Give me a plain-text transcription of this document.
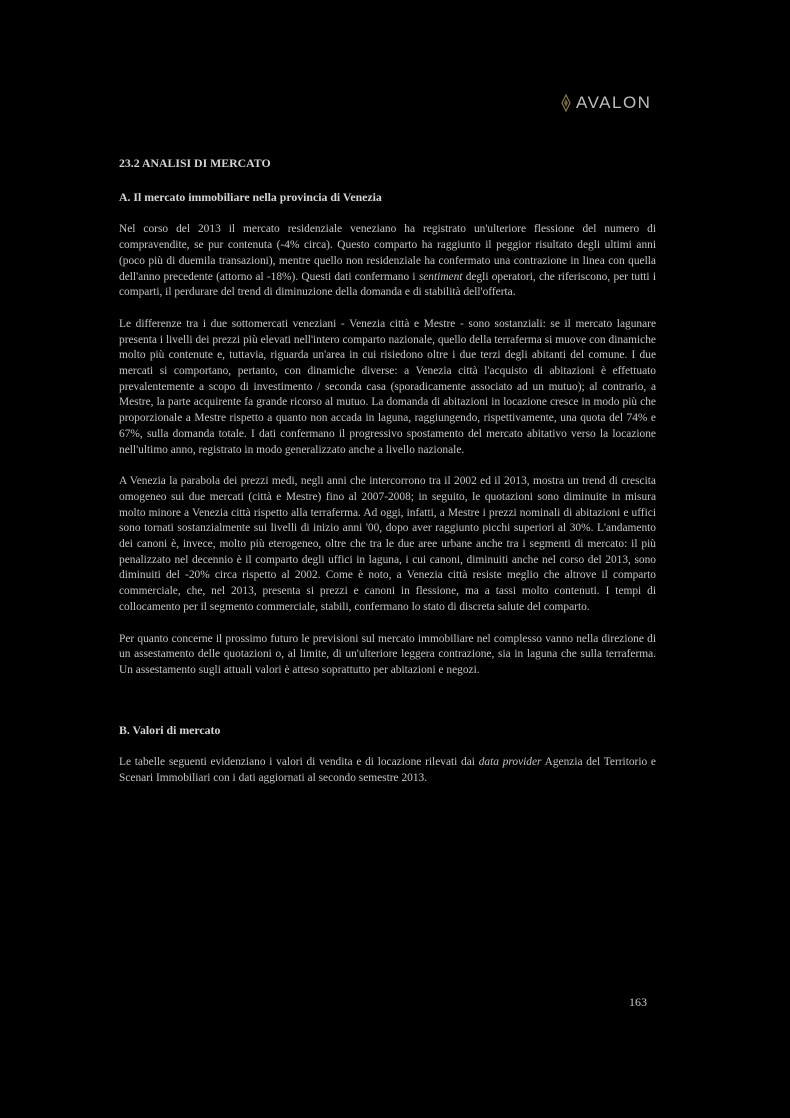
AVALON
23.2 ANALISI DI MERCATO
A. Il mercato immobiliare nella provincia di Venezia

Nel corso del 2013 il mercato residenziale veneziano ha registrato un'ulteriore flessione del numero di compravendite, se pur contenuta (-4% circa). Questo comparto ha raggiunto il peggior risultato degli ultimi anni (poco più di duemila transazioni), mentre quello non residenziale ha confermato una contrazione in linea con quella dell'anno precedente (attorno al -18%). Questi dati confermano i sentiment degli operatori, che riferiscono, per tutti i comparti, il perdurare del trend di diminuzione della domanda e di stabilità dell'offerta.

Le differenze tra i due sottomercati veneziani - Venezia città e Mestre - sono sostanziali: se il mercato lagunare presenta i livelli dei prezzi più elevati nell'intero comparto nazionale, quello della terraferma si muove con dinamiche molto più contenute e, tuttavia, riguarda un'area in cui risiedono oltre i due terzi degli abitanti del comune. I due mercati si comportano, pertanto, con dinamiche diverse: a Venezia città l'acquisto di abitazioni è effettuato prevalentemente a scopo di investimento / seconda casa (sporadicamente associato ad un mutuo); al contrario, a Mestre, la parte acquirente fa grande ricorso al mutuo. La domanda di abitazioni in locazione cresce in modo più che proporzionale a Mestre rispetto a quanto non accada in laguna, raggiungendo, rispettivamente, una quota del 74% e 67%, sulla domanda totale. I dati confermano il progressivo spostamento del mercato abitativo verso la locazione nell'ultimo anno, registrato in modo generalizzato anche a livello nazionale.

A Venezia la parabola dei prezzi medi, negli anni che intercorrono tra il 2002 ed il 2013, mostra un trend di crescita omogeneo sui due mercati (città e Mestre) fino al 2007-2008; in seguito, le quotazioni sono diminuite in misura molto minore a Venezia città rispetto alla terraferma. Ad oggi, infatti, a Mestre i prezzi nominali di abitazioni e uffici sono tornati sostanzialmente sui livelli di inizio anni '00, dopo aver raggiunto picchi superiori al 30%. L'andamento dei canoni è, invece, molto più eterogeneo, oltre che tra le due aree urbane anche tra i segmenti di mercato: il più penalizzato nel decennio è il comparto degli uffici in laguna, i cui canoni, diminuiti anche nel corso del 2013, sono diminuiti del -20% circa rispetto al 2002. Come è noto, a Venezia città resiste meglio che altrove il comparto commerciale, che, nel 2013, presenta si prezzi e canoni in flessione, ma a tassi molto contenuti. I tempi di collocamento per il segmento commerciale, stabili, confermano lo stato di discreta salute del comparto.

Per quanto concerne il prossimo futuro le previsioni sul mercato immobiliare nel complesso vanno nella direzione di un assestamento delle quotazioni o, al limite, di un'ulteriore leggera contrazione, sia in laguna che sulla terraferma. Un assestamento sugli attuali valori è atteso soprattutto per abitazioni e negozi.

B. Valori di mercato

Le tabelle seguenti evidenziano i valori di vendita e di locazione rilevati dai data provider Agenzia del Territorio e Scenari Immobiliari con i dati aggiornati al secondo semestre 2013.

163
